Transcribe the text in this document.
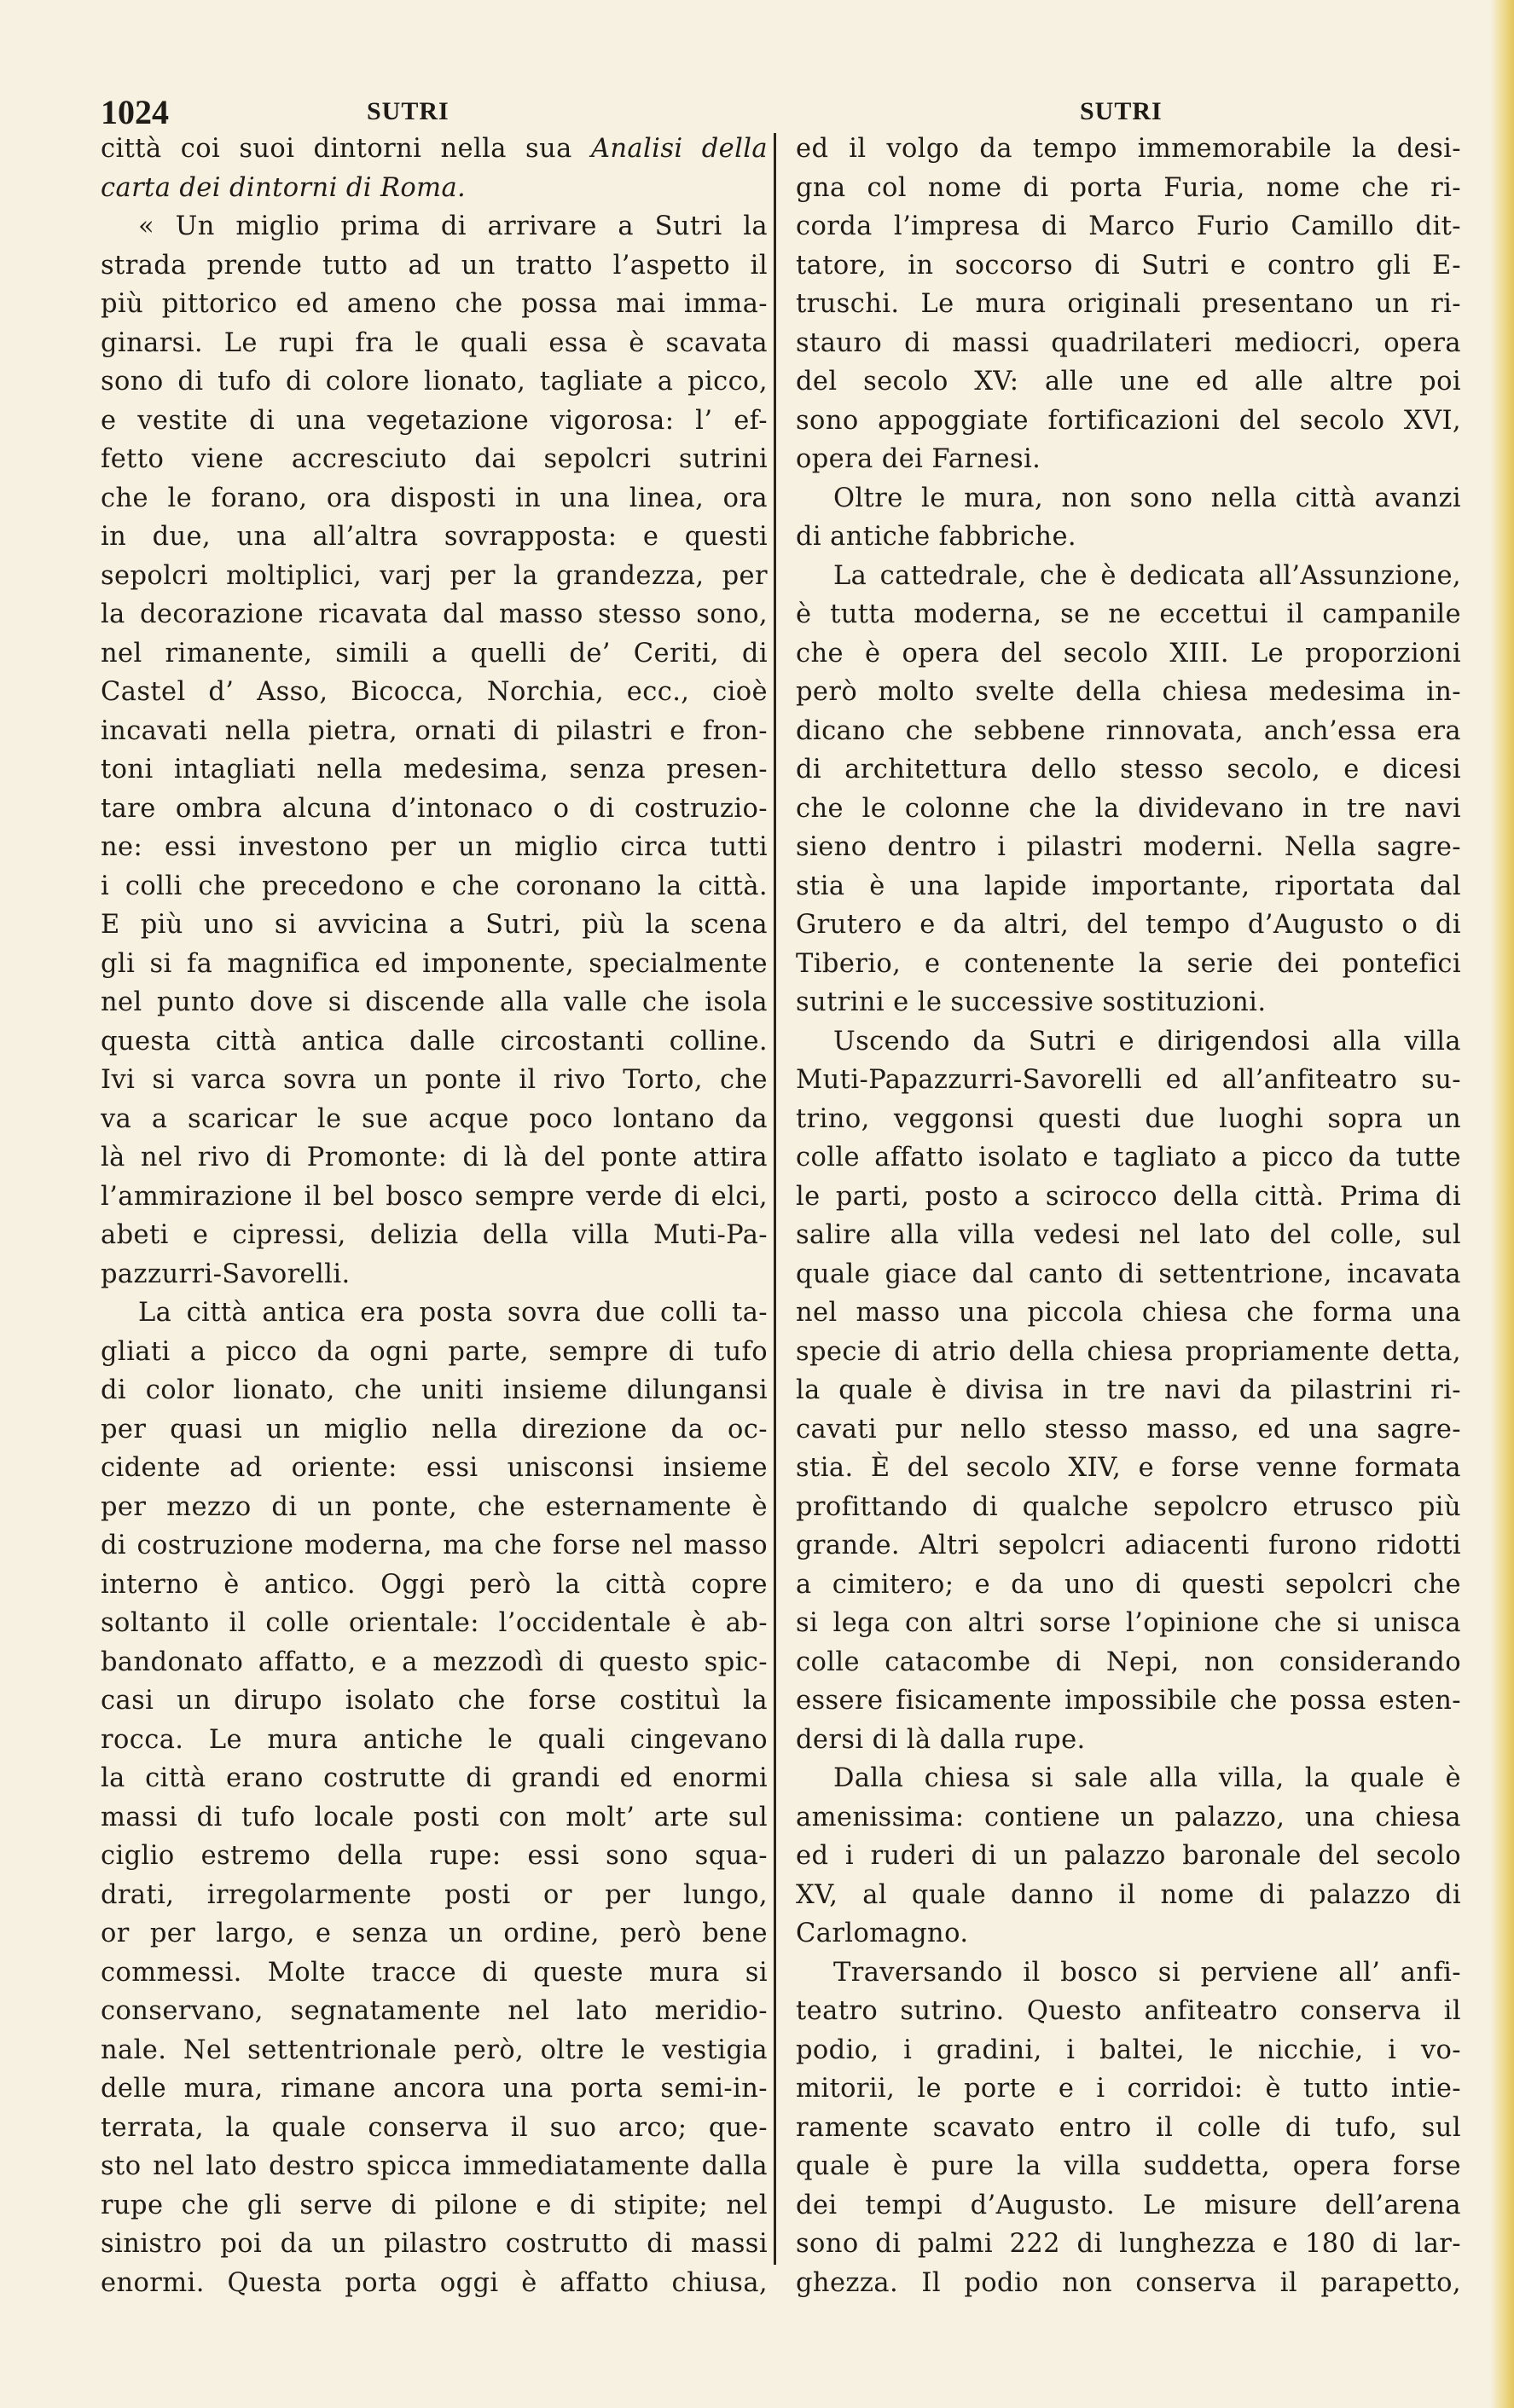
1024	SUTRI	SUTRI
città coi suoi dintorni nella sua Analisi della
carta dei dintorni di Roma.
« Un miglio prima di arrivare a Sutri la
strada prende tutto ad un tratto l’aspetto il
più pittorico ed ameno che possa mai imma-
ginarsi. Le rupi fra le quali essa è scavata
sono di tufo di colore lionato, tagliate a picco,
e vestite di una vegetazione vigorosa: l’ ef-
fetto viene accresciuto dai sepolcri sutrini
che le forano, ora disposti in una linea, ora
in due, una all’altra sovrapposta: e questi
sepolcri moltiplici, varj per la grandezza, per
la decorazione ricavata dal masso stesso sono,
nel rimanente, simili a quelli de’ Ceriti, di
Castel d’ Asso, Bicocca, Norchia, ecc., cioè
incavati nella pietra, ornati di pilastri e fron-
toni intagliati nella medesima, senza presen-
tare ombra alcuna d’intonaco o di costruzio-
ne: essi investono per un miglio circa tutti
i colli che precedono e che coronano la città.
E più uno si avvicina a Sutri, più la scena
gli si fa magnifica ed imponente, specialmente
nel punto dove si discende alla valle che isola
questa città antica dalle circostanti colline.
Ivi si varca sovra un ponte il rivo Torto, che
va a scaricar le sue acque poco lontano da
là nel rivo di Promonte: di là del ponte attira
l’ammirazione il bel bosco sempre verde di elci,
abeti e cipressi, delizia della villa Muti-Pa-
pazzurri-Savorelli.
La città antica era posta sovra due colli ta-
gliati a picco da ogni parte, sempre di tufo
di color lionato, che uniti insieme dilungansi
per quasi un miglio nella direzione da oc-
cidente ad oriente: essi unisconsi insieme
per mezzo di un ponte, che esternamente è
di costruzione moderna, ma che forse nel masso
interno è antico. Oggi però la città copre
soltanto il colle orientale: l’occidentale è ab-
bandonato affatto, e a mezzodì di questo spic-
casi un dirupo isolato che forse costituì la
rocca. Le mura antiche le quali cingevano
la città erano costrutte di grandi ed enormi
massi di tufo locale posti con molt’ arte sul
ciglio estremo della rupe: essi sono squa-
drati, irregolarmente posti or per lungo,
or per largo, e senza un ordine, però bene
commessi. Molte tracce di queste mura si
conservano, segnatamente nel lato meridio-
nale. Nel settentrionale però, oltre le vestigia
delle mura, rimane ancora una porta semi-in-
terrata, la quale conserva il suo arco; que-
sto nel lato destro spicca immediatamente dalla
rupe che gli serve di pilone e di stipite; nel
sinistro poi da un pilastro costrutto di massi
enormi. Questa porta oggi è affatto chiusa,
ed il volgo da tempo immemorabile la desi-
gna col nome di porta Furia, nome che ri-
corda l’impresa di Marco Furio Camillo dit-
tatore, in soccorso di Sutri e contro gli E-
truschi. Le mura originali presentano un ri-
stauro di massi quadrilateri mediocri, opera
del secolo XV: alle une ed alle altre poi
sono appoggiate fortificazioni del secolo XVI,
opera dei Farnesi.
Oltre le mura, non sono nella città avanzi
di antiche fabbriche.
La cattedrale, che è dedicata all’Assunzione,
è tutta moderna, se ne eccettui il campanile
che è opera del secolo XIII. Le proporzioni
però molto svelte della chiesa medesima in-
dicano che sebbene rinnovata, anch’essa era
di architettura dello stesso secolo, e dicesi
che le colonne che la dividevano in tre navi
sieno dentro i pilastri moderni. Nella sagre-
stia è una lapide importante, riportata dal
Grutero e da altri, del tempo d’Augusto o di
Tiberio, e contenente la serie dei pontefici
sutrini e le successive sostituzioni.
Uscendo da Sutri e dirigendosi alla villa
Muti-Papazzurri-Savorelli ed all’anfiteatro su-
trino, veggonsi questi due luoghi sopra un
colle affatto isolato e tagliato a picco da tutte
le parti, posto a scirocco della città. Prima di
salire alla villa vedesi nel lato del colle, sul
quale giace dal canto di settentrione, incavata
nel masso una piccola chiesa che forma una
specie di atrio della chiesa propriamente detta,
la quale è divisa in tre navi da pilastrini ri-
cavati pur nello stesso masso, ed una sagre-
stia. È del secolo XIV, e forse venne formata
profittando di qualche sepolcro etrusco più
grande. Altri sepolcri adiacenti furono ridotti
a cimitero; e da uno di questi sepolcri che
si lega con altri sorse l’opinione che si unisca
colle catacombe di Nepi, non considerando
essere fisicamente impossibile che possa esten-
dersi di là dalla rupe.
Dalla chiesa si sale alla villa, la quale è
amenissima: contiene un palazzo, una chiesa
ed i ruderi di un palazzo baronale del secolo
XV, al quale danno il nome di palazzo di
Carlomagno.
Traversando il bosco si perviene all’ anfi-
teatro sutrino. Questo anfiteatro conserva il
podio, i gradini, i baltei, le nicchie, i vo-
mitorii, le porte e i corridoi: è tutto intie-
ramente scavato entro il colle di tufo, sul
quale è pure la villa suddetta, opera forse
dei tempi d’Augusto. Le misure dell’arena
sono di palmi 222 di lunghezza e 180 di lar-
ghezza. Il podio non conserva il parapetto,
